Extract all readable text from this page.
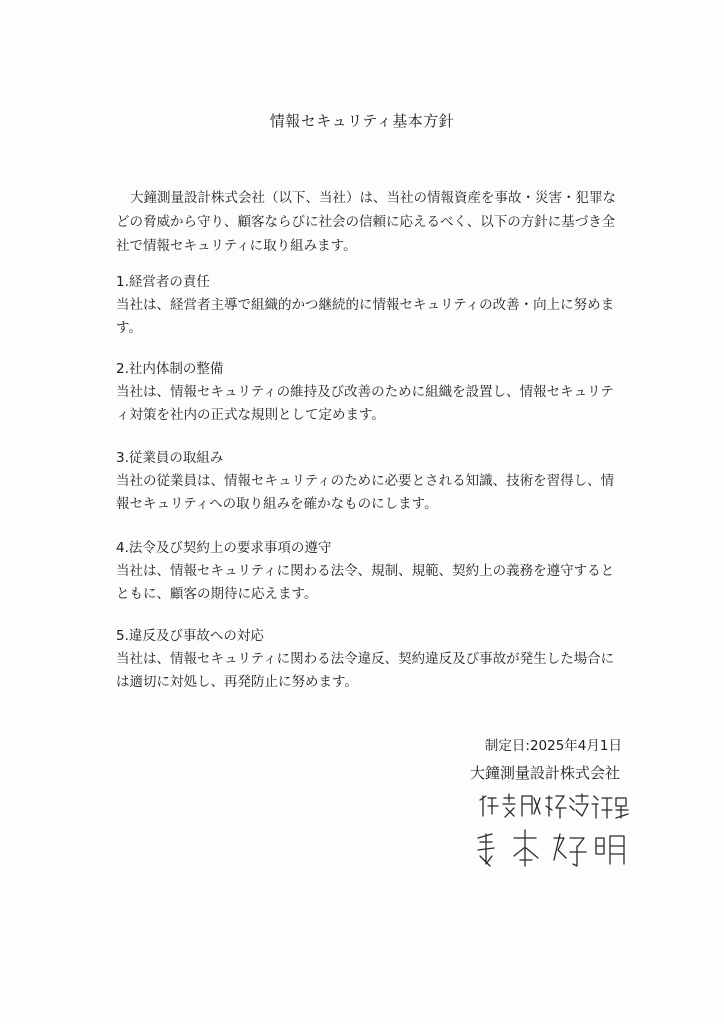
情報セキュリティ基本方針
大鐘測量設計株式会社（以下、当社）は、当社の情報資産を事故・災害・犯罪などの脅威から守り、顧客ならびに社会の信頼に応えるべく、以下の方針に基づき全社で情報セキュリティに取り組みます。
1.経営者の責任
当社は、経営者主導で組織的かつ継続的に情報セキュリティの改善・向上に努めます。
2.社内体制の整備
当社は、情報セキュリティの維持及び改善のために組織を設置し、情報セキュリティ対策を社内の正式な規則として定めます。
3.従業員の取組み
当社の従業員は、情報セキュリティのために必要とされる知識、技術を習得し、情報セキュリティへの取り組みを確かなものにします。
4.法令及び契約上の要求事項の遵守
当社は、情報セキュリティに関わる法令、規制、規範、契約上の義務を遵守するとともに、顧客の期待に応えます。
5.違反及び事故への対応
当社は、情報セキュリティに関わる法令違反、契約違反及び事故が発生した場合には適切に対処し、再発防止に努めます。
制定日:2025年4月1日
大鐘測量設計株式会社
